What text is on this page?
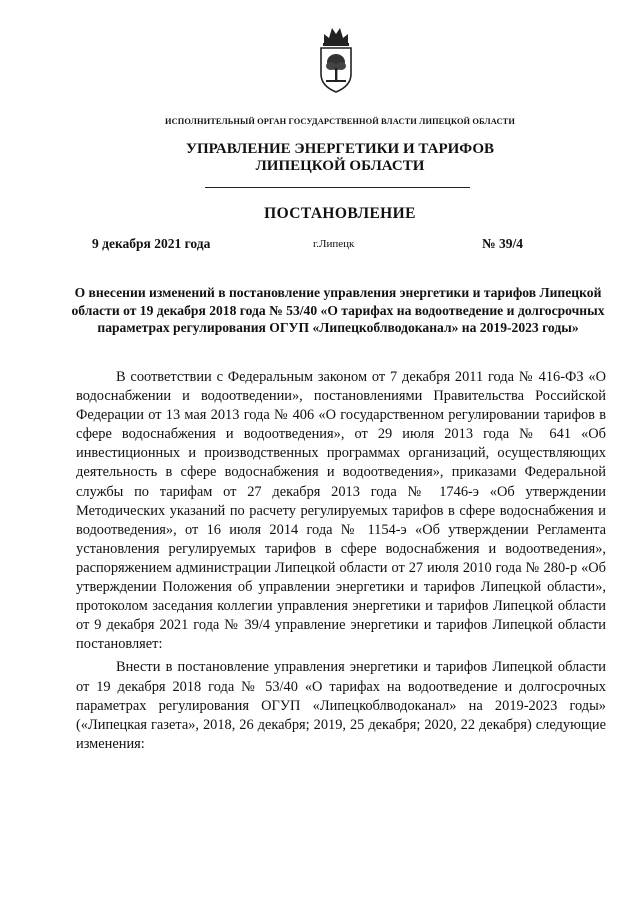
ИСПОЛНИТЕЛЬНЫЙ ОРГАН ГОСУДАРСТВЕННОЙ ВЛАСТИ ЛИПЕЦКОЙ ОБЛАСТИ
УПРАВЛЕНИЕ ЭНЕРГЕТИКИ И ТАРИФОВ
ЛИПЕЦКОЙ ОБЛАСТИ
ПОСТАНОВЛЕНИЕ
9 декабря 2021 года	г.Липецк	№ 39/4
О внесении изменений в постановление управления энергетики и тарифов Липецкой области от 19 декабря 2018 года № 53/40 «О тарифах на водоотведение и долгосрочных параметрах регулирования ОГУП «Липецкоблводоканал» на 2019-2023 годы»

В соответствии с Федеральным законом от 7 декабря 2011 года № 416-ФЗ «О водоснабжении и водоотведении», постановлениями Правительства Российской Федерации от 13 мая 2013 года № 406 «О государственном регулировании тарифов в сфере водоснабжения и водоотведения», от 29 июля 2013 года № 641 «Об инвестиционных и производственных программах организаций, осуществляющих деятельность в сфере водоснабжения и водоотведения», приказами Федеральной службы по тарифам от 27 декабря 2013 года № 1746-э «Об утверждении Методических указаний по расчету регулируемых тарифов в сфере водоснабжения и водоотведения», от 16 июля 2014 года № 1154-э «Об утверждении Регламента установления регулируемых тарифов в сфере водоснабжения и водоотведения», распоряжением администрации Липецкой области от 27 июля 2010 года № 280-р «Об утверждении Положения об управлении энергетики и тарифов Липецкой области», протоколом заседания коллегии управления энергетики и тарифов Липецкой области от 9 декабря 2021 года № 39/4 управление энергетики и тарифов Липецкой области постановляет:

Внести в постановление управления энергетики и тарифов Липецкой области от 19 декабря 2018 года № 53/40 «О тарифах на водоотведение и долгосрочных параметрах регулирования ОГУП «Липецкоблводоканал» на 2019-2023 годы» («Липецкая газета», 2018, 26 декабря; 2019, 25 декабря; 2020, 22 декабря) следующие изменения:
